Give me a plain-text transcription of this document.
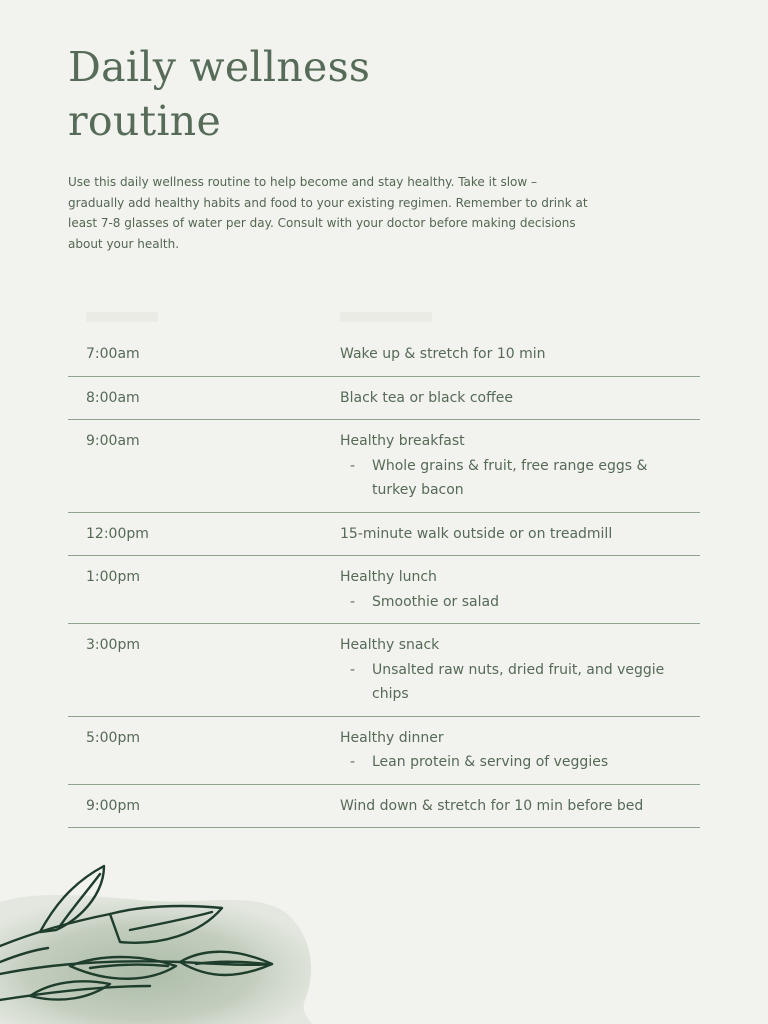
Daily wellness
routine

Use this daily wellness routine to help become and stay healthy. Take it slow – gradually add healthy habits and food to your existing regimen. Remember to drink at least 7-8 glasses of water per day. Consult with your doctor before making decisions about your health.

7:00am	Wake up & stretch for 10 min
8:00am	Black tea or black coffee
9:00am	Healthy breakfast
-	Whole grains & fruit, free range eggs & turkey bacon
12:00pm	15-minute walk outside or on treadmill
1:00pm	Healthy lunch
-	Smoothie or salad
3:00pm	Healthy snack
-	Unsalted raw nuts, dried fruit, and veggie chips
5:00pm	Healthy dinner
-	Lean protein & serving of veggies
9:00pm	Wind down & stretch for 10 min before bed
